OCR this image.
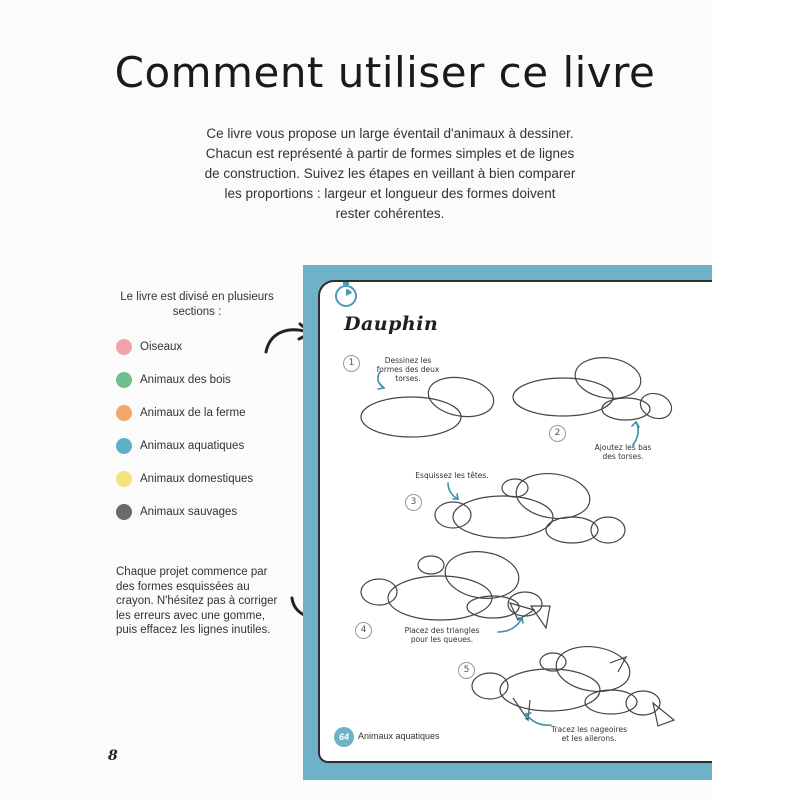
Comment utiliser ce livre
Ce livre vous propose un large éventail d'animaux à dessiner.
Chacun est représenté à partir de formes simples et de lignes
de construction. Suivez les étapes en veillant à bien comparer
les proportions : largeur et longueur des formes doivent
rester cohérentes.
Le livre est divisé en plusieurs sections :
Oiseaux
Animaux des bois
Animaux de la ferme
Animaux aquatiques
Animaux domestiques
Animaux sauvages
Chaque projet commence par des formes esquissées au crayon. N'hésitez pas à corriger les erreurs avec une gomme, puis effacez les lignes inutiles.
8
Dauphin
1	Dessinez les formes des deux torses.
2
Ajoutez les bas des torses.
3
Esquissez les têtes.
4	Placez des triangles pour les queues.
5
Tracez les nageoires et les ailerons.
64	Animaux aquatiques
